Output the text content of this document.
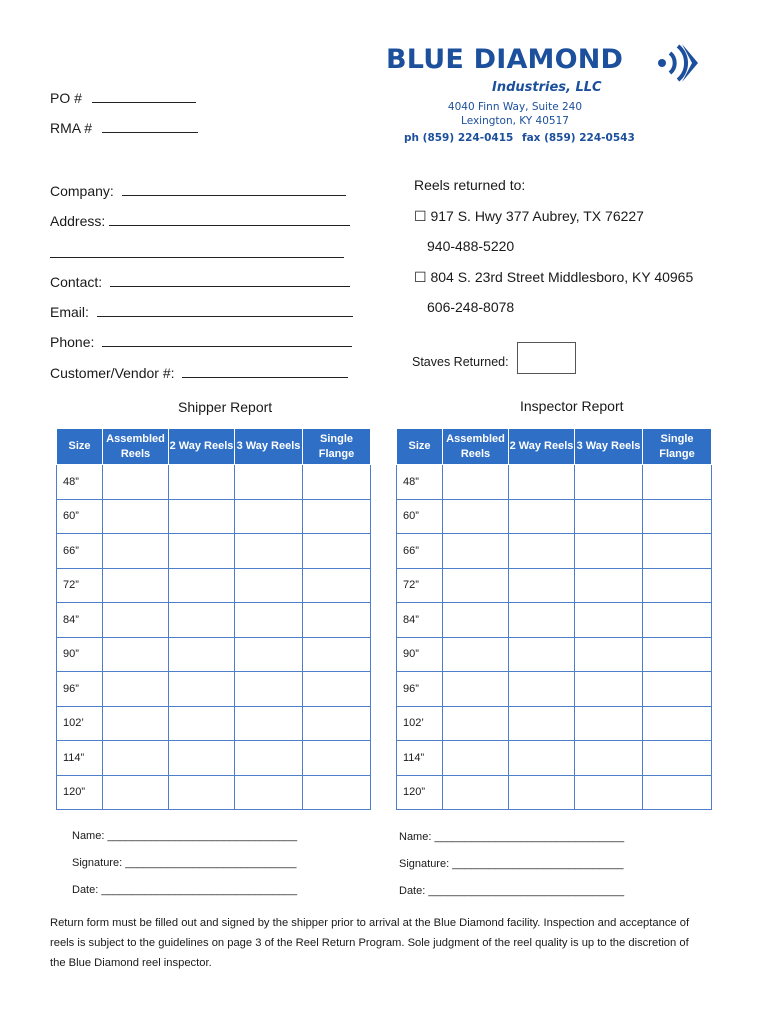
PO #
RMA #
BLUE DIAMOND
Industries, LLC
4040 Finn Way, Suite 240
Lexington, KY 40517
ph (859) 224-0415 fax (859) 224-0543
Company:
Address:
Contact:
Email:
Phone:
Customer/Vendor #:
Reels returned to:
☐ 917 S. Hwy 377 Aubrey, TX 76227
940-488-5220
☐ 804 S. 23rd Street Middlesboro, KY 40965
606-248-8078
Staves Returned:
Shipper Report	Inspector Report
Size	Assembled Reels	2 Way Reels	3 Way Reels	Single Flange
48”				
60”				
66”				
72”				
84”				
90”				
96”				
102’				
114”				
120”				
Size	Assembled Reels	2 Way Reels	3 Way Reels	Single Flange
48”				
60”				
66”				
72”				
84”				
90”				
96”				
102’				
114”				
120”				
Name: _______________________________
Signature: ____________________________
Date: ________________________________
Name: _______________________________
Signature: ____________________________
Date: ________________________________
Return form must be filled out and signed by the shipper prior to arrival at the Blue Diamond facility. Inspection and acceptance of
reels is subject to the guidelines on page 3 of the Reel Return Program. Sole judgment of the reel quality is up to the discretion of
the Blue Diamond reel inspector.
